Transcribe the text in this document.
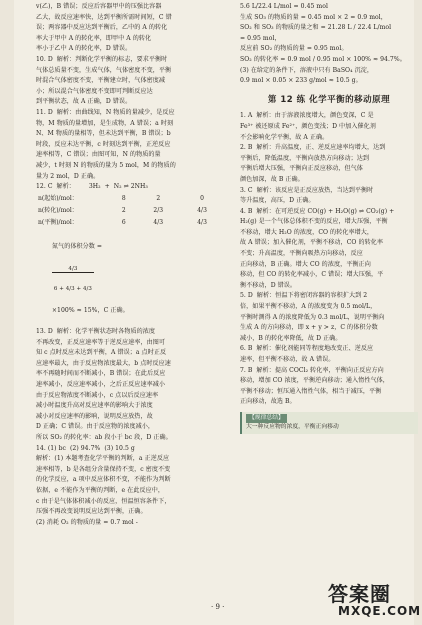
v(乙)，B 错误；反应后容器甲中的压强比容器

乙大，故反应速率快，达到平衡所需时间短，C 错

误；两容器中反应达到平衡后，乙中的 A 的转化

率大于甲中 A 的转化率，即甲中 A 的转化

率小于乙中 A 的转化率，D 错误。

10. D  解析：判断化学平衡的标志，要求平衡时

气体总质量不变，生成气体，气体密度不变，平衡

时混合气体密度不变，平衡建立时，气体密度减

小；所以混合气体密度不变即可判断反应达

到平衡状态，故 A 正确，D 错误。

11. D  解析：由曲线知，N 物质的量减少，是反应

物，M 物质的量增加，是生成物，A 错误；a 时刻

N、M 物质的量相等，但未达到平衡，B 错误；b

时段，反应未达平衡，c 时刻达到平衡，正逆反应

速率相等，C 错误；由图可知，N 的物质的量

减少，t 时刻 N 的物质的量为 5 mol，M 的物质的

量为 2 mol，D 正确。

12. C  解析：       3H₂  +  N₂ ⇌ 2NH₃

n(起始)/mol：	8	2	0
n(转化)/mol：	2	2/3	4/3
n(平衡)/mol：	6	4/3	4/3

氮气的体积分数 =

$\frac{4/3}{6 + 4/3 + 4/3}$

×100% ≈ 15%，C 正确。

13. D  解析：化学平衡状态时各物质的浓度

不再改变，正反应速率等于逆反应速率，由图可

知 c 点时反应未达到平衡，A 错误；a 点时正反

应速率最大，由于反应物浓度最大，b 点时反应速

率不再随时间而不断减小，B 错误；在此后反应

速率减小，反应速率减小，之后正反应速率减小

由于反应物浓度不断减小，c 点以后反应速率

减小时温度升高对反应速率的影响大于浓度

减小对反应速率的影响，说明反应放热，故

D 正确；C 错误。由于反应物的浓度减小，

所以 SO₂ 的转化率：ab 段小于 bc 段，D 正确。

14. (1) bc  (2) 94.7%  (3) 10.5 g

解析：(1) 本题考查化学平衡的判断，a 正逆反应

速率相等，b 是各组分含量保持不变，c 密度不变

的化学反应，a 项中反应体积不变，不能作为判断

依据，e 不能作为平衡的判断，e 在此反应中，

c 由于是气体体积减小的反应，恒温恒容条件下，

压强不再改变说明反应达到平衡，正确。

(2) 消耗 O₂ 的物质的量 = 0.7 mol -

5.6 L/22.4 L/mol = 0.45 mol

生成 SO₃ 的物质的量 = 0.45 mol × 2 = 0.9 mol，

SO₂ 和 SO₃ 的物质的量之和 = 21.28 L / 22.4 L/mol

= 0.95 mol，

反应前 SO₂ 的物质的量 = 0.95 mol。

SO₂ 的转化率 = 0.9 mol / 0.95 mol × 100% ≈ 94.7%。

(3) 在给定的条件下，溶液中只有 BaSO₄ 沉淀，

0.9 mol × 0.05 × 233 g/mol ≈ 10.5 g。

第 12 练 化学平衡的移动原理

1. A  解析：由于溶液浓度增大，颜色变深，C 是

Fe³⁺ 被还原成 Fe²⁺，颜色变浅；D 中加入催化剂

不会影响化学平衡，故 A 正确。

2. B  解析：升高温度，正、逆反应速率均增大，达到

平衡后，降低温度，平衡向放热方向移动；达到

平衡后增大压强，平衡向正反应移动，但气体

颜色加深，故 B 正确。

3. C  解析：该反应是正反应放热，当达到平衡时

等升温度，高压，D 正确。

4. B  解析：在可逆反应 CO(g) + H₂O(g) ⇌ CO₂(g) +

H₂(g) 是一个气体总体积不变的反应，增大压强，平衡

不移动，增大 H₂O 的浓度，CO 的转化率增大，

故 A 错误；加入催化剂，平衡不移动，CO 的转化率

不变；升高温度，平衡向吸热方向移动，反应

正向移动，B 正确。增大 CO 的浓度，平衡正向

移动，但 CO 的转化率减小，C 错误；增大压强，平

衡不移动，D 错误。

5. D  解析：恒温下将密闭容器的容积扩大到 2

倍，如果平衡不移动，A 的浓度变为 0.5 mol/L，

平衡时测得 A 的浓度降低为 0.3 mol/L，说明平衡向

生成 A 的方向移动，即 x + y > z，C 的体积分数

减小，B 的转化率降低，故 D 正确。

6. B  解析：催化剂能同等程度地改变正、逆反应

速率，但平衡不移动，故 A 错误。

7. B  解析：提高 COCl₂ 转化率，平衡向正反应方向

移动，增加 CO 浓度，平衡逆向移动；通入惰性气体，

平衡不移动；恒压通入惰性气体，相当于减压，平衡

正向移动，故选 B。

【规律总结】
大一种反应物的浓度，平衡正向移动
· 9 ·
答案圈
MXQE.COM
